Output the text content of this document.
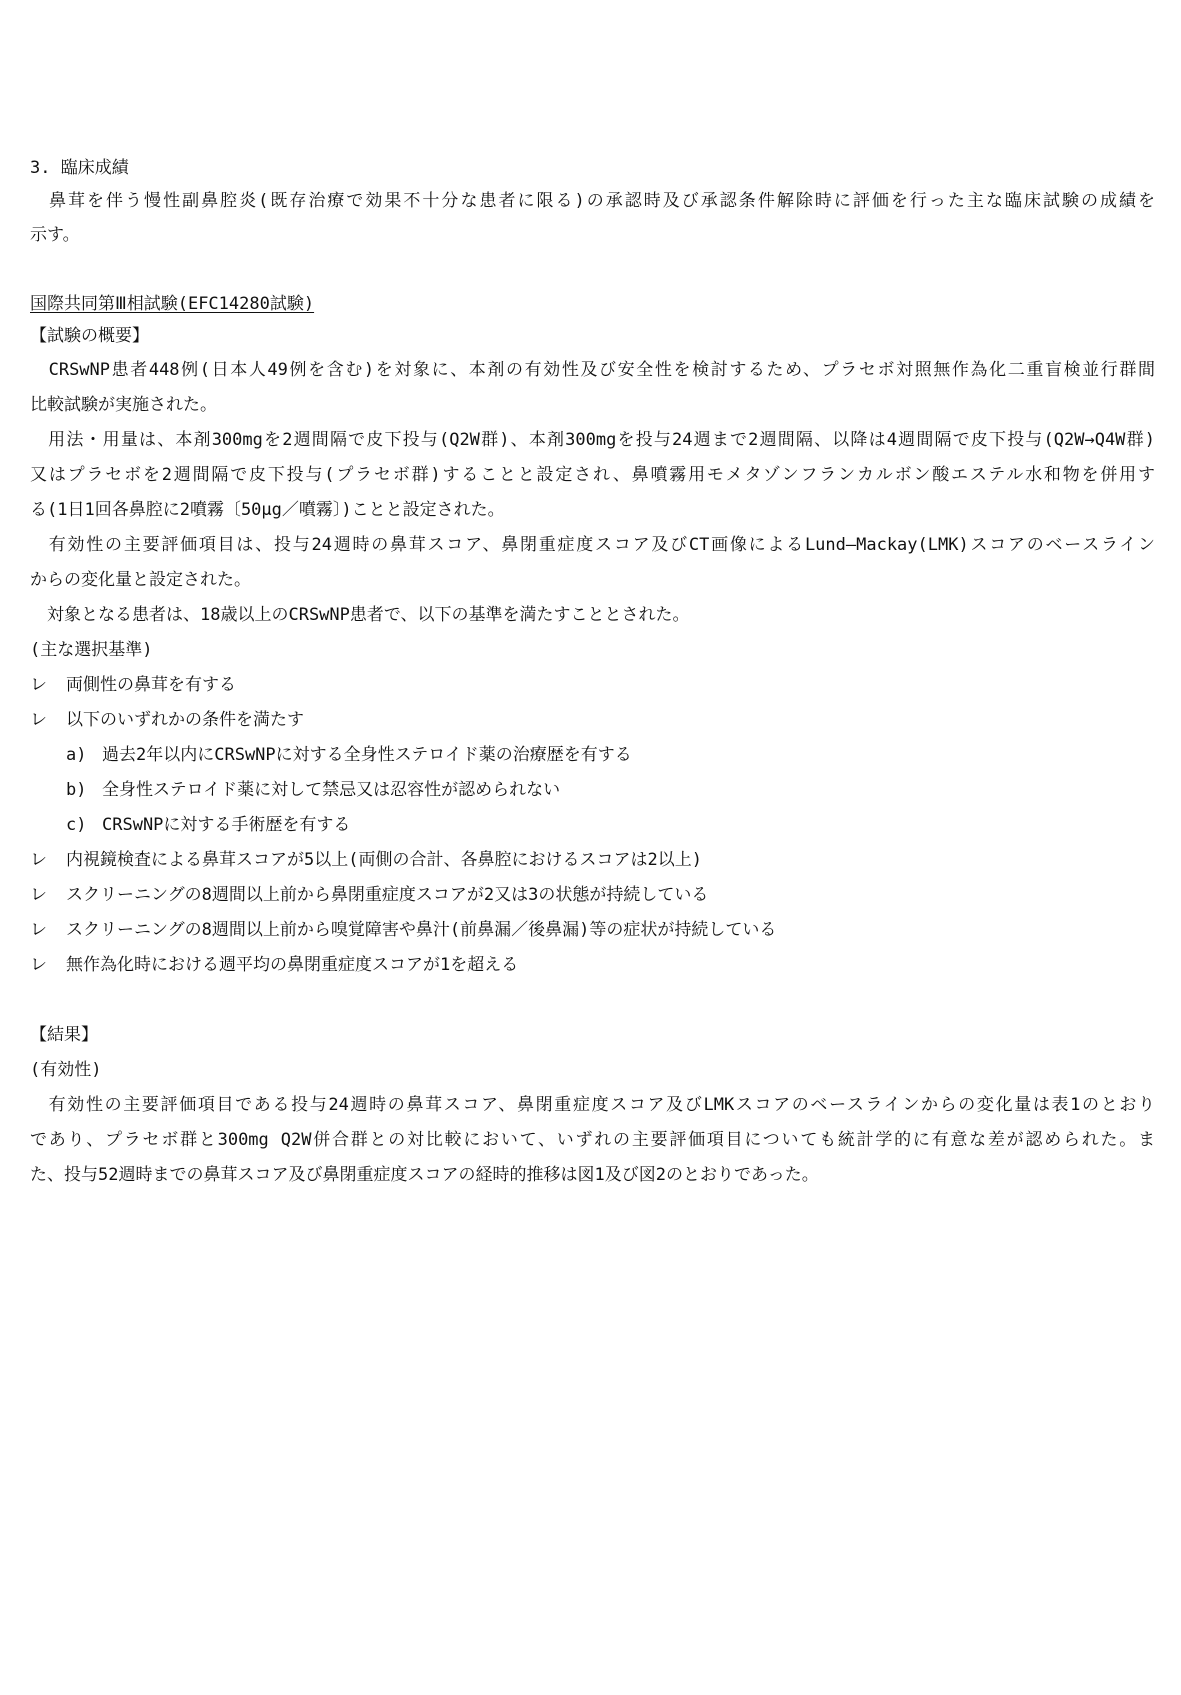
3. 臨床成績
　鼻茸を伴う慢性副鼻腔炎(既存治療で効果不十分な患者に限る)の承認時及び承認条件解除時に評価を行った主な臨床試験の成績を
示す。
国際共同第Ⅲ相試験(EFC14280試験)
【試験の概要】
　CRSwNP患者448例(日本人49例を含む)を対象に、本剤の有効性及び安全性を検討するため、プラセボ対照無作為化二重盲検並行群間
比較試験が実施された。
　用法・用量は、本剤300mgを2週間隔で皮下投与(Q2W群)、本剤300mgを投与24週まで2週間隔、以降は4週間隔で皮下投与(Q2W→Q4W群)
又はプラセボを2週間隔で皮下投与(プラセボ群)することと設定され、鼻噴霧用モメタゾンフランカルボン酸エステル水和物を併用す
る(1日1回各鼻腔に2噴霧〔50μg／噴霧〕)ことと設定された。
　有効性の主要評価項目は、投与24週時の鼻茸スコア、鼻閉重症度スコア及びCT画像によるLund—Mackay(LMK)スコアのベースライン
からの変化量と設定された。
　対象となる患者は、18歳以上のCRSwNP患者で、以下の基準を満たすこととされた。
(主な選択基準)
レ 両側性の鼻茸を有する
レ 以下のいずれかの条件を満たす
a) 過去2年以内にCRSwNPに対する全身性ステロイド薬の治療歴を有する
b) 全身性ステロイド薬に対して禁忌又は忍容性が認められない
c) CRSwNPに対する手術歴を有する
レ 内視鏡検査による鼻茸スコアが5以上(両側の合計、各鼻腔におけるスコアは2以上)
レ スクリーニングの8週間以上前から鼻閉重症度スコアが2又は3の状態が持続している
レ スクリーニングの8週間以上前から嗅覚障害や鼻汁(前鼻漏／後鼻漏)等の症状が持続している
レ 無作為化時における週平均の鼻閉重症度スコアが1を超える
【結果】
(有効性)
　有効性の主要評価項目である投与24週時の鼻茸スコア、鼻閉重症度スコア及びLMKスコアのベースラインからの変化量は表1のとおり
であり、プラセボ群と300mg Q2W併合群との対比較において、いずれの主要評価項目についても統計学的に有意な差が認められた。ま
た、投与52週時までの鼻茸スコア及び鼻閉重症度スコアの経時的推移は図1及び図2のとおりであった。
